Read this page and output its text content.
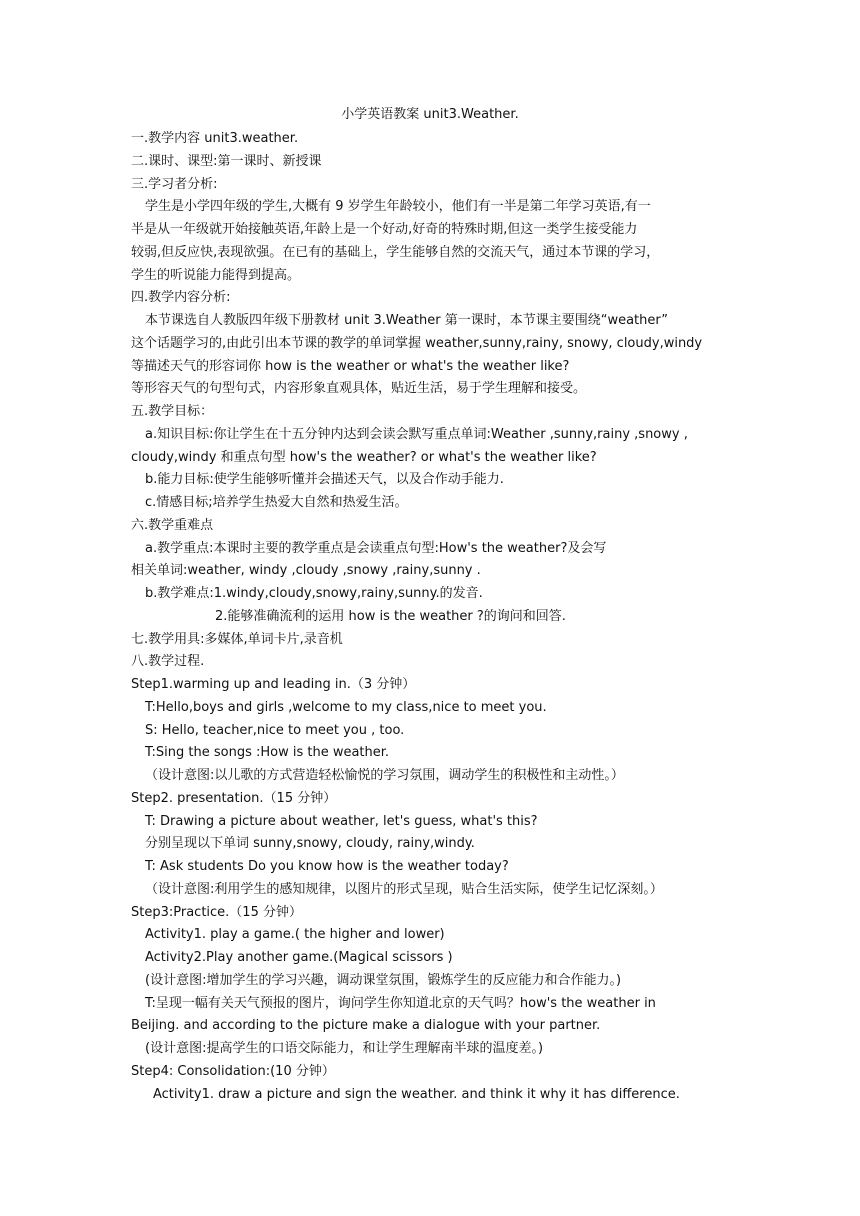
小学英语教案 unit3.Weather.
一.教学内容 unit3.weather.
二.课时、课型:第一课时、新授课
三.学习者分析:
学生是小学四年级的学生,大概有 9 岁学生年龄较小，他们有一半是第二年学习英语,有一
半是从一年级就开始接触英语,年龄上是一个好动,好奇的特殊时期,但这一类学生接受能力
较弱,但反应快,表现欲强。在已有的基础上，学生能够自然的交流天气，通过本节课的学习，
学生的听说能力能得到提高。
四.教学内容分析:
本节课选自人教版四年级下册教材 unit 3.Weather 第一课时，本节课主要围绕“weather”
这个话题学习的,由此引出本节课的教学的单词掌握 weather,sunny,rainy, snowy, cloudy,windy
等描述天气的形容词你 how is the weather or what's the weather like?
等形容天气的句型句式，内容形象直观具体，贴近生活，易于学生理解和接受。
五.教学目标：
a.知识目标:你让学生在十五分钟内达到会读会默写重点单词:Weather ,sunny,rainy ,snowy ,
cloudy,windy 和重点句型 how's the weather? or what's the weather like?
b.能力目标:使学生能够听懂并会描述天气，以及合作动手能力.
c.情感目标;培养学生热爱大自然和热爱生活。
六.教学重难点
a.教学重点:本课时主要的教学重点是会读重点句型:How's the weather?及会写
相关单词:weather, windy ,cloudy ,snowy ,rainy,sunny .
b.教学难点:1.windy,cloudy,snowy,rainy,sunny.的发音.
2.能够准确流利的运用 how is the weather ?的询问和回答.
七.教学用具:多媒体,单词卡片,录音机
八.教学过程.
Step1.warming up and leading in.（3 分钟）
T:Hello,boys and girls ,welcome to my class,nice to meet you.
S: Hello, teacher,nice to meet you , too.
T:Sing the songs :How is the weather.
（设计意图:以儿歌的方式营造轻松愉悦的学习氛围，调动学生的积极性和主动性。）
Step2. presentation.（15 分钟）
T: Drawing a picture about weather, let's guess, what's this?
分别呈现以下单词 sunny,snowy, cloudy, rainy,windy.
T: Ask students Do you know how is the weather today?
（设计意图:利用学生的感知规律，以图片的形式呈现，贴合生活实际，使学生记忆深刻。）
Step3:Practice.（15 分钟）
Activity1. play a game.( the higher and lower)
Activity2.Play another game.(Magical scissors )
(设计意图:增加学生的学习兴趣，调动课堂氛围，锻炼学生的反应能力和合作能力。)
T:呈现一幅有关天气预报的图片，询问学生你知道北京的天气吗？how's the weather in
Beijing. and according to the picture make a dialogue with your partner.
(设计意图:提高学生的口语交际能力，和让学生理解南半球的温度差。)
Step4: Consolidation:(10 分钟）
Activity1. draw a picture and sign the weather. and think it why it has difference.
